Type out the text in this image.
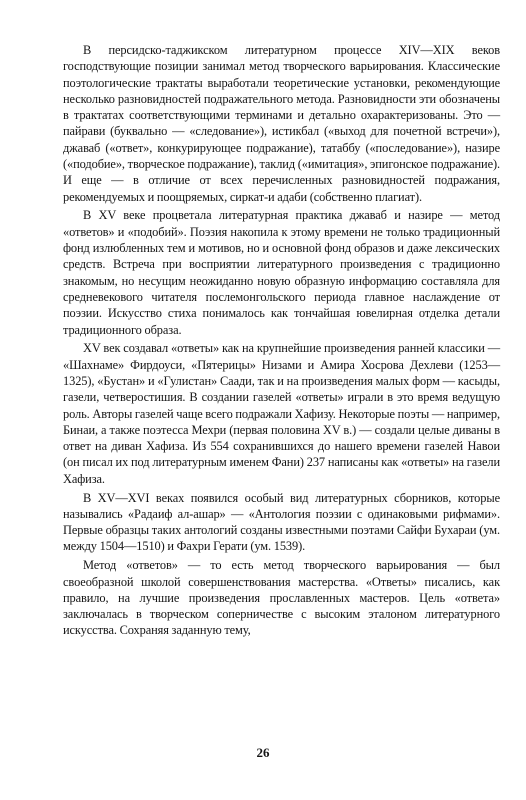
В персидско-таджикском литературном процессе XIV—XIX веков господствующие позиции занимал метод творческого варьирования. Классические поэтологические трактаты выработали теоретические установки, рекомендующие несколько разновидностей подражательного метода. Разновидности эти обозначены в трактатах соответствующими терминами и детально охарактеризованы. Это — пайрави (буквально — «следование»), истикбал («выход для почетной встречи»), джаваб («ответ», конкурирующее подражание), татаббу («последование»), назире («подобие», творческое подражание), таклид («имитация», эпигонское подражание). И еще — в отличие от всех перечисленных разновидностей подражания, рекомендуемых и поощряемых, сиркат-и адаби (собственно плагиат).

В XV веке процветала литературная практика джаваб и назире — метод «ответов» и «подобий». Поэзия накопила к этому времени не только традиционный фонд излюбленных тем и мотивов, но и основной фонд образов и даже лексических средств. Встреча при восприятии литературного произведения с традиционно знакомым, но несущим неожиданно новую образную информацию составляла для средневекового читателя послемонгольского периода главное наслаждение от поэзии. Искусство стиха понималось как тончайшая ювелирная отделка детали традиционного образа.

XV век создавал «ответы» как на крупнейшие произведения ранней классики — «Шахнаме» Фирдоуси, «Пятерицы» Низами и Амира Хосрова Дехлеви (1253—1325), «Бустан» и «Гулистан» Саади, так и на произведения малых форм — касыды, газели, четверостишия. В создании газелей «ответы» играли в это время ведущую роль. Авторы газелей чаще всего подражали Хафизу. Некоторые поэты — например, Бинаи, а также поэтесса Мехри (первая половина XV в.) — создали целые диваны в ответ на диван Хафиза. Из 554 сохранившихся до нашего времени газелей Навои (он писал их под литературным именем Фани) 237 написаны как «ответы» на газели Хафиза.

В XV—XVI веках появился особый вид литературных сборников, которые назывались «Радаиф ал-ашар» — «Антология поэзии с одинаковыми рифмами». Первые образцы таких антологий созданы известными поэтами Сайфи Бухараи (ум. между 1504—1510) и Фахри Герати (ум. 1539).

Метод «ответов» — то есть метод творческого варьирования — был своеобразной школой совершенствования мастерства. «Ответы» писались, как правило, на лучшие произведения прославленных мастеров. Цель «ответа» заключалась в творческом соперничестве с высоким эталоном литературного искусства. Сохраняя заданную тему,

26
